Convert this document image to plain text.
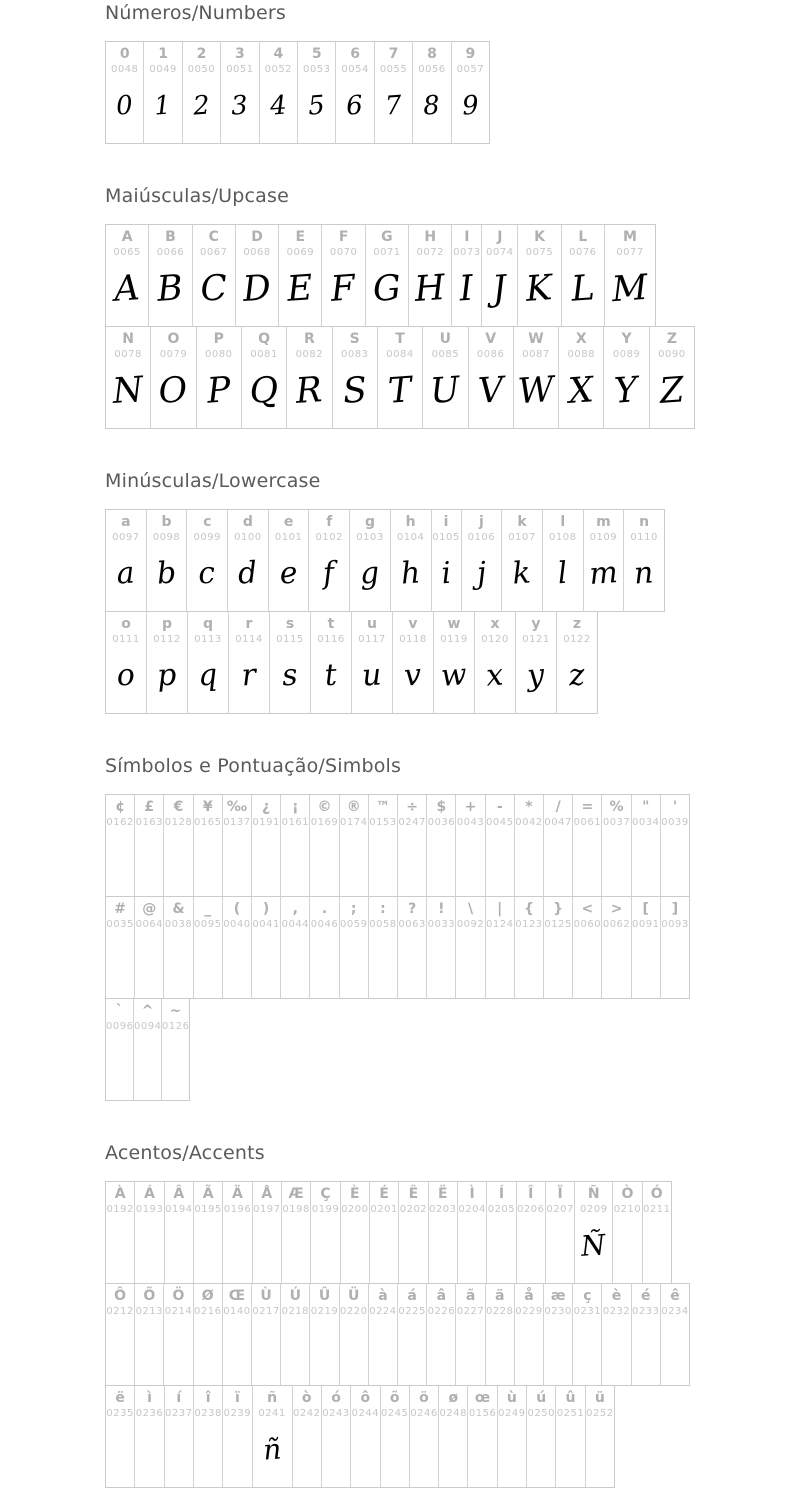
Números/Numbers
0
0048
0
1
0049
1
2
0050
2
3
0051
3
4
0052
4
5
0053
5
6
0054
6
7
0055
7
8
0056
8
9
0057
9
Maiúsculas/Upcase
A
0065
A
B
0066
B
C
0067
C
D
0068
D
E
0069
E
F
0070
F
G
0071
G
H
0072
H
I
0073
I
J
0074
J
K
0075
K
L
0076
L
M
0077
M
N
0078
N
O
0079
O
P
0080
P
Q
0081
Q
R
0082
R
S
0083
S
T
0084
T
U
0085
U
V
0086
V
W
0087
W
X
0088
X
Y
0089
Y
Z
0090
Z
Minúsculas/Lowercase
a
0097
a
b
0098
b
c
0099
c
d
0100
d
e
0101
e
f
0102
f
g
0103
g
h
0104
h
i
0105
i
j
0106
j
k
0107
k
l
0108
l
m
0109
m
n
0110
n
o
0111
o
p
0112
p
q
0113
q
r
0114
r
s
0115
s
t
0116
t
u
0117
u
v
0118
v
w
0119
w
x
0120
x
y
0121
y
z
0122
z
Símbolos e Pontuação/Simbols
¢
0162
£
0163
€
0128
¥
0165
‰
0137
¿
0191
¡
0161
©
0169
®
0174
™
0153
÷
0247
$
0036
+
0043
-
0045
*
0042
/
0047
=
0061
%
0037
"
0034
'
0039
#
0035
@
0064
&
0038
_
0095
(
0040
)
0041
,
0044
.
0046
;
0059
:
0058
?
0063
!
0033
\
0092
|
0124
{
0123
}
0125
<
0060
>
0062
[
0091
]
0093
`
0096
^
0094
~
0126
Acentos/Accents
À
0192
Á
0193
Â
0194
Ã
0195
Ä
0196
Å
0197
Æ
0198
Ç
0199
È
0200
É
0201
Ê
0202
Ë
0203
Ì
0204
Í
0205
Î
0206
Ï
0207
Ñ
0209
Ñ
Ò
0210
Ó
0211
Ô
0212
Õ
0213
Ö
0214
Ø
0216
Œ
0140
Ù
0217
Ú
0218
Û
0219
Ü
0220
à
0224
á
0225
â
0226
ã
0227
ä
0228
å
0229
æ
0230
ç
0231
è
0232
é
0233
ê
0234
ë
0235
ì
0236
í
0237
î
0238
ï
0239
ñ
0241
ñ
ò
0242
ó
0243
ô
0244
õ
0245
ö
0246
ø
0248
œ
0156
ù
0249
ú
0250
û
0251
ü
0252
